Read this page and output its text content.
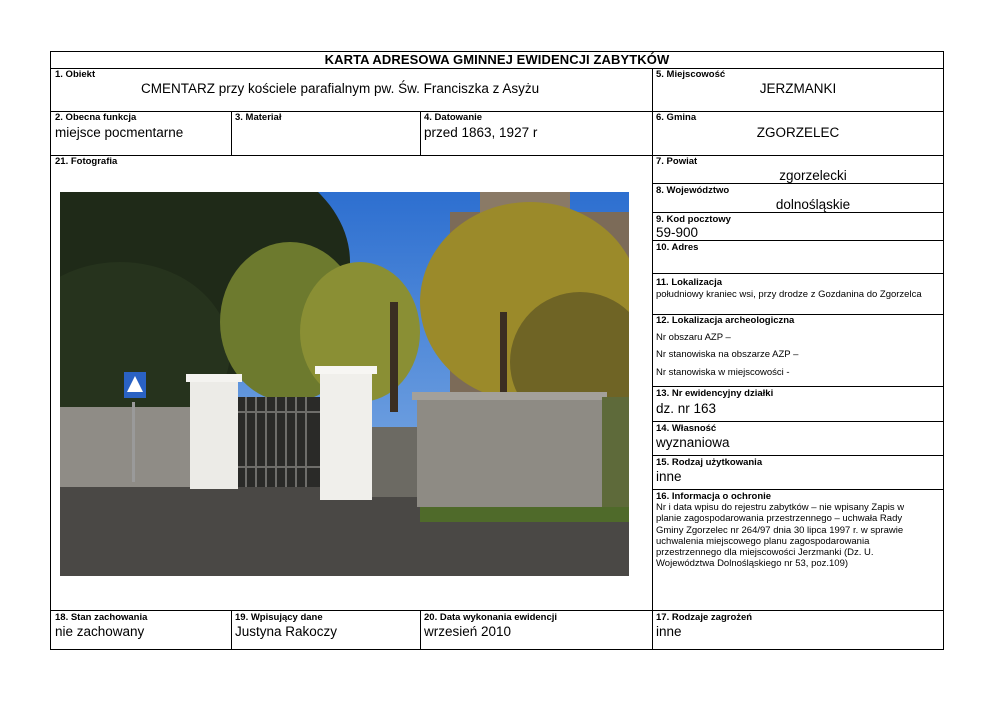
KARTA ADRESOWA GMINNEJ EWIDENCJI ZABYTKÓW
1. Obiekt
CMENTARZ przy kościele parafialnym pw. Św. Franciszka z Asyżu
5. Miejscowość
JERZMANKI
2. Obecna funkcja
miejsce pocmentarne
3. Materiał	4. Datowanie
przed 1863, 1927 r
6. Gmina
ZGORZELEC
21. Fotografia	7. Powiat
zgorzelecki
8. Województwo
dolnośląskie
9. Kod pocztowy
59-900
10. Adres
11. Lokalizacja
południowy kraniec wsi, przy drodze z Gozdanina do Zgorzelca
12. Lokalizacja archeologiczna
Nr obszaru AZP –
Nr stanowiska na obszarze AZP –
Nr stanowiska w miejscowości -
13. Nr ewidencyjny działki
dz. nr 163
14. Własność
wyznaniowa
15. Rodzaj użytkowania
inne
16. Informacja o ochronie
Nr i data wpisu do rejestru zabytków – nie wpisany Zapis w planie zagospodarowania przestrzennego – uchwała Rady Gminy Zgorzelec nr 264/97 dnia 30 lipca 1997 r. w sprawie uchwalenia miejscowego planu zagospodarowania przestrzennego dla miejscowości Jerzmanki (Dz. U. Województwa Dolnośląskiego nr 53, poz.109)
18. Stan zachowania
nie zachowany
19. Wpisujący dane
Justyna Rakoczy
20. Data wykonania ewidencji
wrzesień 2010
17. Rodzaje zagrożeń
inne
